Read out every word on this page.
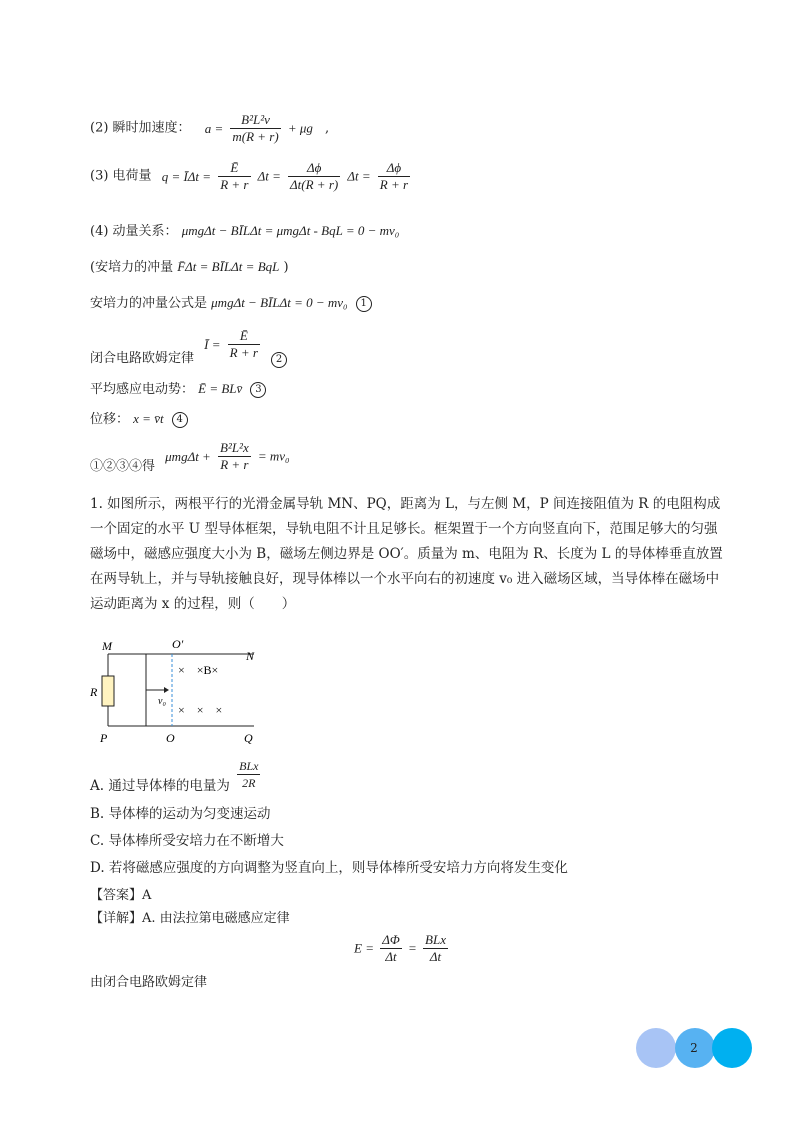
(2) 瞬时加速度： $a = \frac{\text{B²L²v}}{m(R + r)} + \mu g$ ,
(3) 电荷量 q = ĪΔt = $\frac{Ē}{R + r}$ $\Delta t = \frac{\Delta\phi}{\Delta t(R + r)}$ $\Delta t = \frac{\Delta\phi}{R + r}$
(4) 动量关系： μmgΔt − BĪLΔt = μmgΔt - BqL = 0 − mv₀
(安培力的冲量 F̄Δt = BĪLΔt = BqL )
安培力的冲量公式是 μmgΔt − BĪLΔt = 0 − mv₀ 1
闭合电路欧姆定律 Ī = $\frac{Ē}{R + r} 2$
平均感应电动势： Ē = BLv̄ 3
位移： x = v̄t 4
①②③④得 $\mu mg\Delta t + \frac{\text{B²L²x}}{R + r} = mv_0$
1. 如图所示，两根平行的光滑金属导轨 MN、PQ，距离为 L，与左侧 M，P 间连接阻值为 R 的电阻构成一个固定的水平 U 型导体框架，导轨电阻不计且足够长。框架置于一个方向竖直向下，范围足够大的匀强磁场中，磁感应强度大小为 B，磁场左侧边界是 OO′。质量为 m、电阻为 R、长度为 L 的导体棒垂直放置在两导轨上，并与导轨接触良好，现导体棒以一个水平向右的初速度 v₀ 进入磁场区域，当导体棒在磁场中运动距离为 x 的过程，则（　　）
M	O′
N
R
P	O	Q
v₀
×　×B×
×　×　×
A. 通过导体棒的电量为 $\frac{\text{BLx}}{2R}$
B. 导体棒的运动为匀变速运动
C. 导体棒所受安培力在不断增大
D. 若将磁感应强度的方向调整为竖直向上，则导体棒所受安培力方向将发生变化
【答案】A
【详解】A. 由法拉第电磁感应定律
$E = \frac{\Delta\Phi}{\Delta t} = \frac{\text{BLx}}{\Delta t}$
由闭合电路欧姆定律
2
